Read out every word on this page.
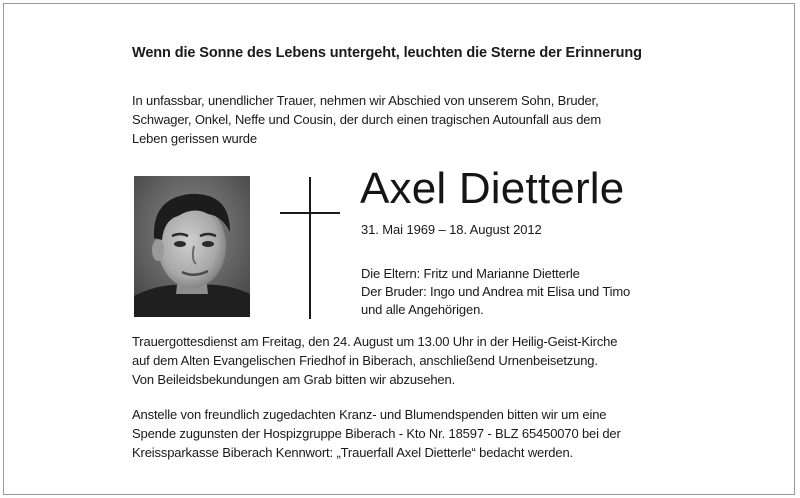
Wenn die Sonne des Lebens untergeht, leuchten die Sterne der Erinnerung
In unfassbar, unendlicher Trauer, nehmen wir Abschied von unserem Sohn, Bruder,
Schwager, Onkel, Neffe und Cousin, der durch einen tragischen Autounfall aus dem
Leben gerissen wurde
Axel Dietterle
31. Mai 1969 – 18. August 2012
Die Eltern: Fritz und Marianne Dietterle
Der Bruder: Ingo und Andrea mit Elisa und Timo
und alle Angehörigen.
Trauergottesdienst am Freitag, den 24. August um 13.00 Uhr in der Heilig-Geist-Kirche
auf dem Alten Evangelischen Friedhof in Biberach, anschließend Urnenbeisetzung.
Von Beileidsbekundungen am Grab bitten wir abzusehen.
Anstelle von freundlich zugedachten Kranz- und Blumendspenden bitten wir um eine
Spende zugunsten der Hospizgruppe Biberach - Kto Nr. 18597 - BLZ 65450070 bei der
Kreissparkasse Biberach Kennwort: „Trauerfall Axel Dietterle“ bedacht werden.
